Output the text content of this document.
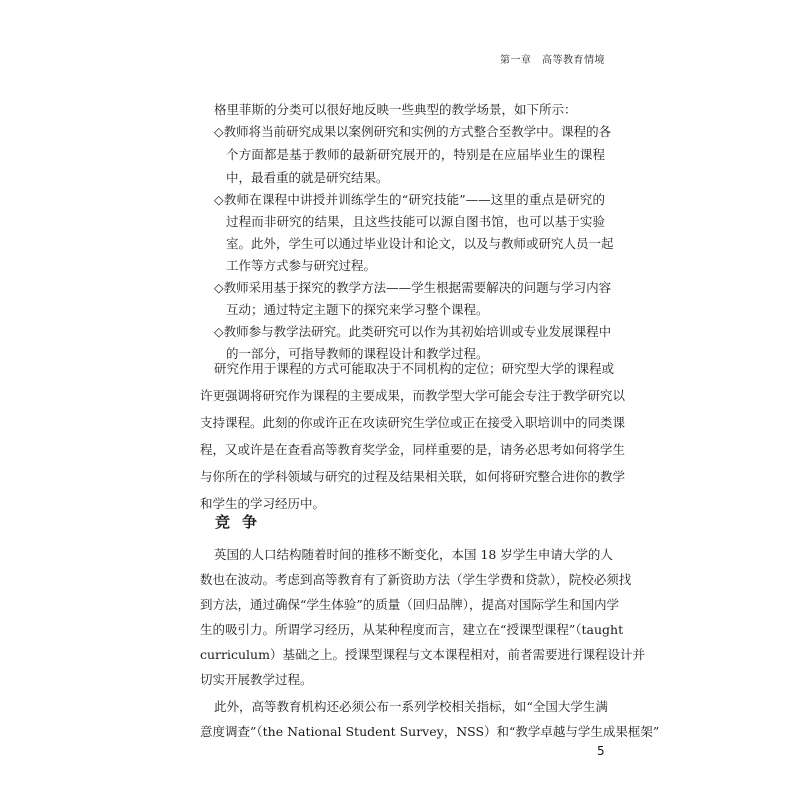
第一章　高等教育情境
格里菲斯的分类可以很好地反映一些典型的教学场景，如下所示：
◇教师将当前研究成果以案例研究和实例的方式整合至教学中。课程的各
个方面都是基于教师的最新研究展开的，特别是在应届毕业生的课程
中，最看重的就是研究结果。
◇教师在课程中讲授并训练学生的“研究技能”——这里的重点是研究的
过程而非研究的结果，且这些技能可以源自图书馆，也可以基于实验
室。此外，学生可以通过毕业设计和论文，以及与教师或研究人员一起
工作等方式参与研究过程。
◇教师采用基于探究的教学方法——学生根据需要解决的问题与学习内容
互动；通过特定主题下的探究来学习整个课程。
◇教师参与教学法研究。此类研究可以作为其初始培训或专业发展课程中
的一部分，可指导教师的课程设计和教学过程。
研究作用于课程的方式可能取决于不同机构的定位；研究型大学的课程或
许更强调将研究作为课程的主要成果，而教学型大学可能会专注于教学研究以
支持课程。此刻的你或许正在攻读研究生学位或正在接受入职培训中的同类课
程，又或许是在查看高等教育奖学金，同样重要的是，请务必思考如何将学生
与你所在的学科领域与研究的过程及结果相关联，如何将研究整合进你的教学
和学生的学习经历中。
竞争
英国的人口结构随着时间的推移不断变化，本国 18 岁学生申请大学的人
数也在波动。考虑到高等教育有了新资助方法（学生学费和贷款），院校必须找
到方法，通过确保“学生体验”的质量（回归品牌），提高对国际学生和国内学
生的吸引力。所谓学习经历，从某种程度而言，建立在“授课型课程”（taught
curriculum）基础之上。授课型课程与文本课程相对，前者需要进行课程设计并
切实开展教学过程。
此外，高等教育机构还必须公布一系列学校相关指标，如“全国大学生满
意度调查”（the National Student Survey，NSS）和“教学卓越与学生成果框架”
5
